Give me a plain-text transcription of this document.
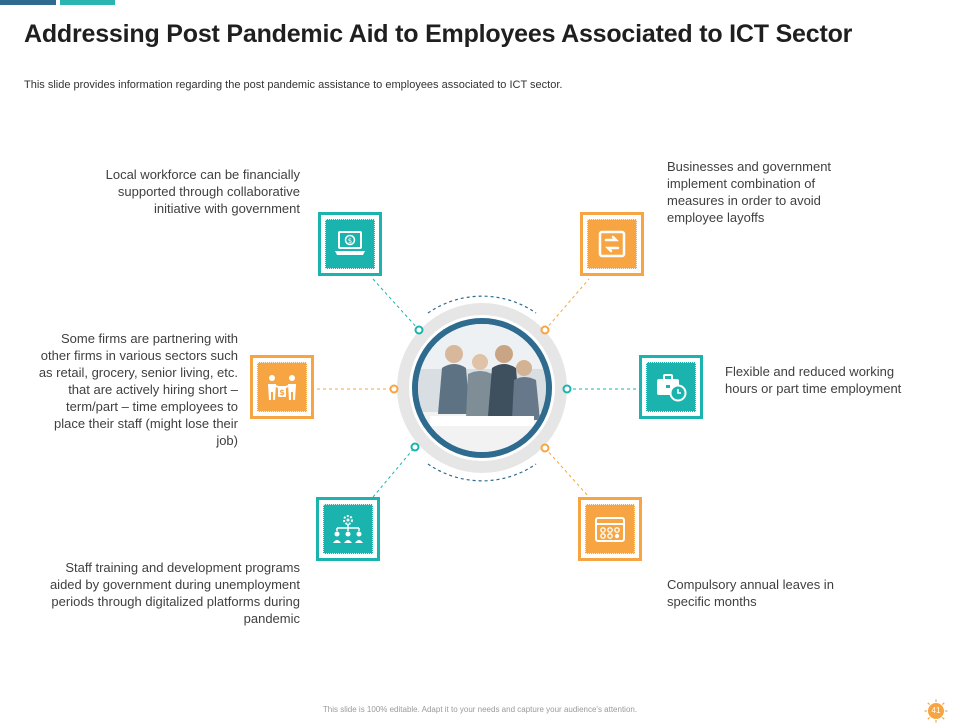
Addressing Post Pandemic Aid to Employees Associated to ICT Sector
This slide provides information regarding the post pandemic assistance to employees associated to ICT sector.
Local workforce can be financially supported through collaborative initiative with government
Businesses and government implement combination of measures in order to avoid employee layoffs
Some firms are partnering with other firms in various sectors such as retail, grocery, senior living, etc. that are actively hiring short – term/part – time employees to place their staff (might lose their job)
Flexible and reduced working hours or part time employment
Staff training and development programs aided by government during unemployment periods through digitalized platforms during pandemic
Compulsory annual leaves in specific months
$
$
This slide is 100% editable. Adapt it to your needs and capture your audience's attention.	41
